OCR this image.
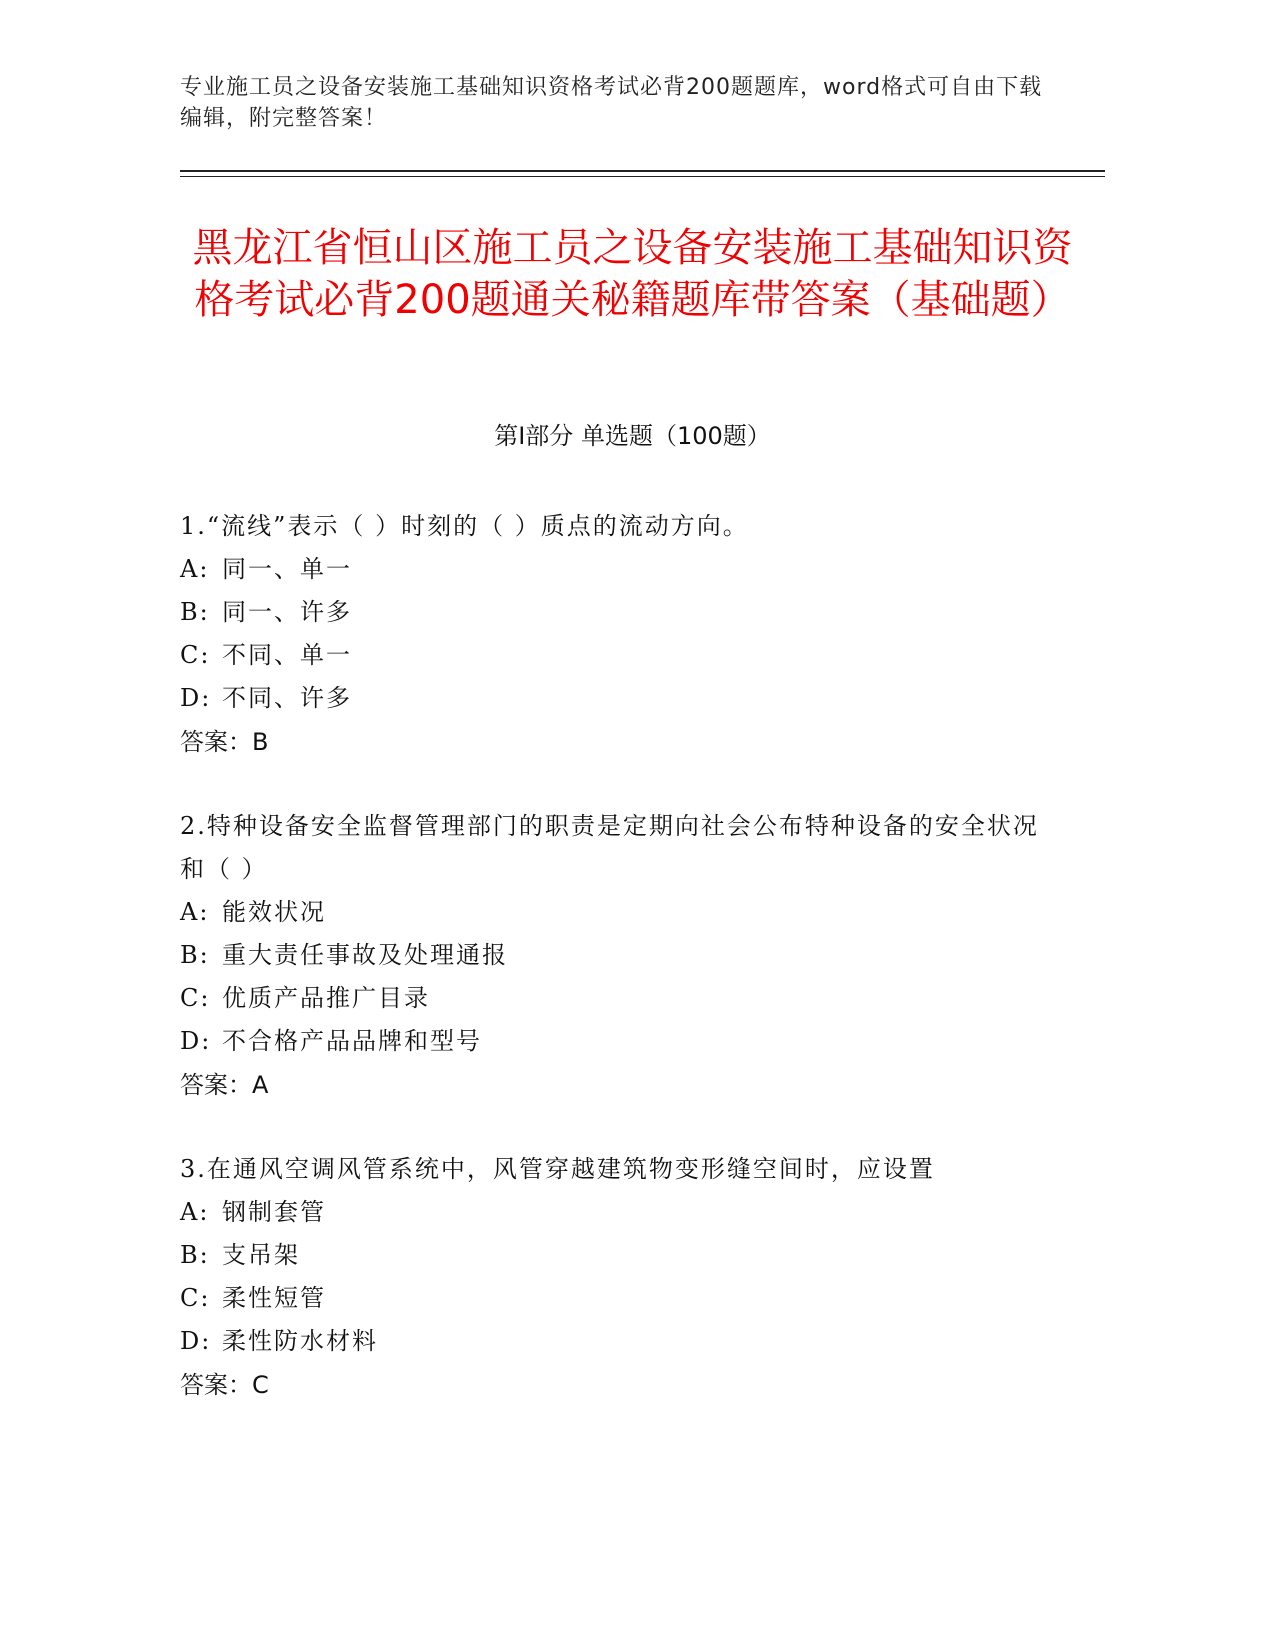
专业施工员之设备安装施工基础知识资格考试必背200题题库，word格式可自由下载编辑，附完整答案！
黑龙江省恒山区施工员之设备安装施工基础知识资格考试必背200题通关秘籍题库带答案（基础题）
第I部分 单选题（100题）
1.“流线”表示（ ）时刻的（ ）质点的流动方向。
A: 同一、单一
B: 同一、许多
C: 不同、单一
D: 不同、许多
答案：B
2.特种设备安全监督管理部门的职责是定期向社会公布特种设备的安全状况和（ ）
A: 能效状况
B: 重大责任事故及处理通报
C: 优质产品推广目录
D: 不合格产品品牌和型号
答案：A
3.在通风空调风管系统中，风管穿越建筑物变形缝空间时，应设置
A: 钢制套管
B: 支吊架
C: 柔性短管
D: 柔性防水材料
答案：C
